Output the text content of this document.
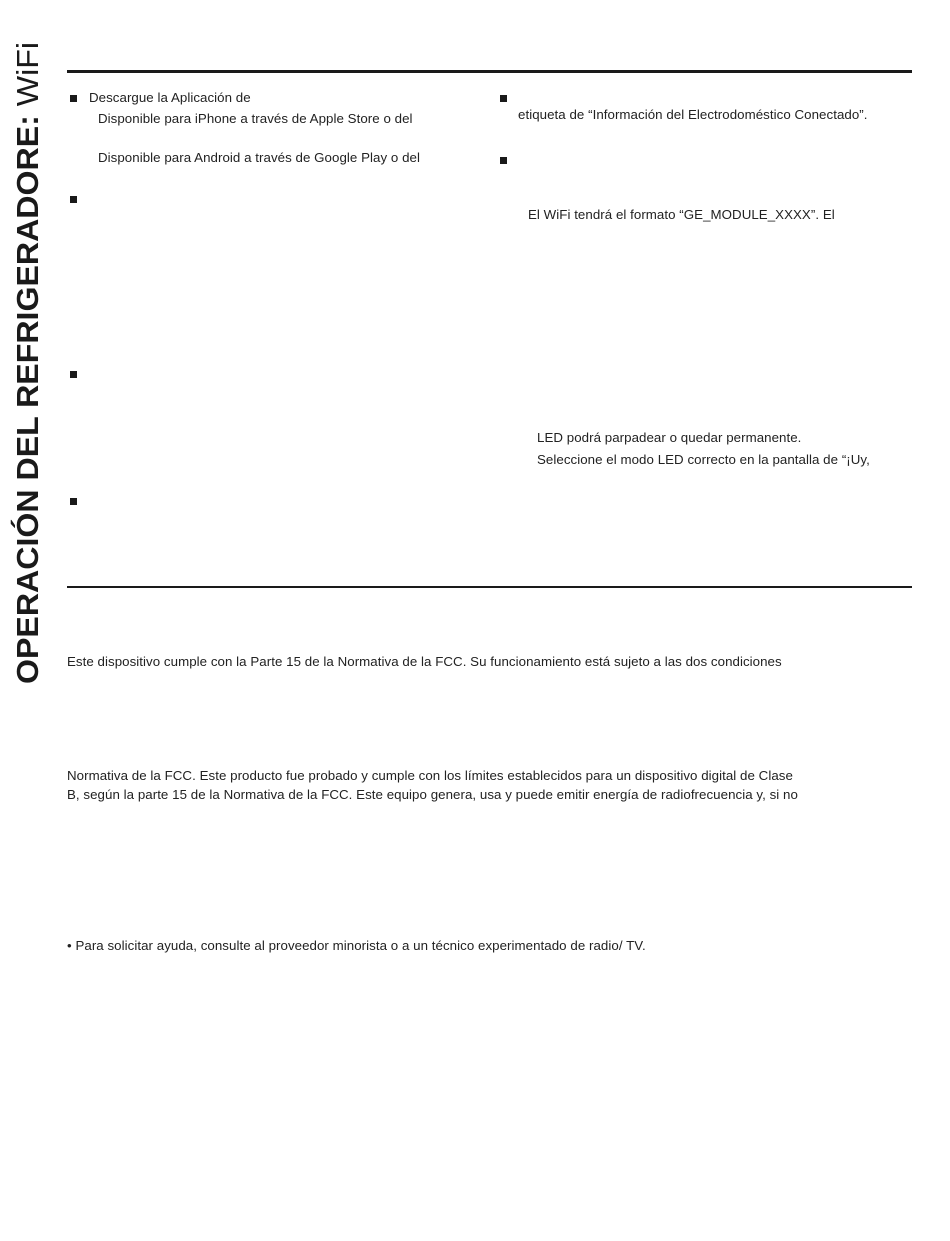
OPERACIÓN DEL REFRIGERADORE: WiFi	Descargue la Aplicación de
Disponible para iPhone a través de Apple Store o del
Disponible para Android a través de Google Play o del
etiqueta de “Información del Electrodoméstico Conectado”.
El WiFi tendrá el formato “GE_MODULE_XXXX”. El
LED podrá parpadear o quedar permanente.
Seleccione el modo LED correcto en la pantalla de “¡Uy,
Este dispositivo cumple con la Parte 15 de la Normativa de la FCC. Su funcionamiento está sujeto a las dos condiciones
Normativa de la FCC. Este producto fue probado y cumple con los límites establecidos para un dispositivo digital de Clase
B, según la parte 15 de la Normativa de la FCC. Este equipo genera, usa y puede emitir energía de radiofrecuencia y, si no
• Para solicitar ayuda, consulte al proveedor minorista o a un técnico experimentado de radio/ TV.
